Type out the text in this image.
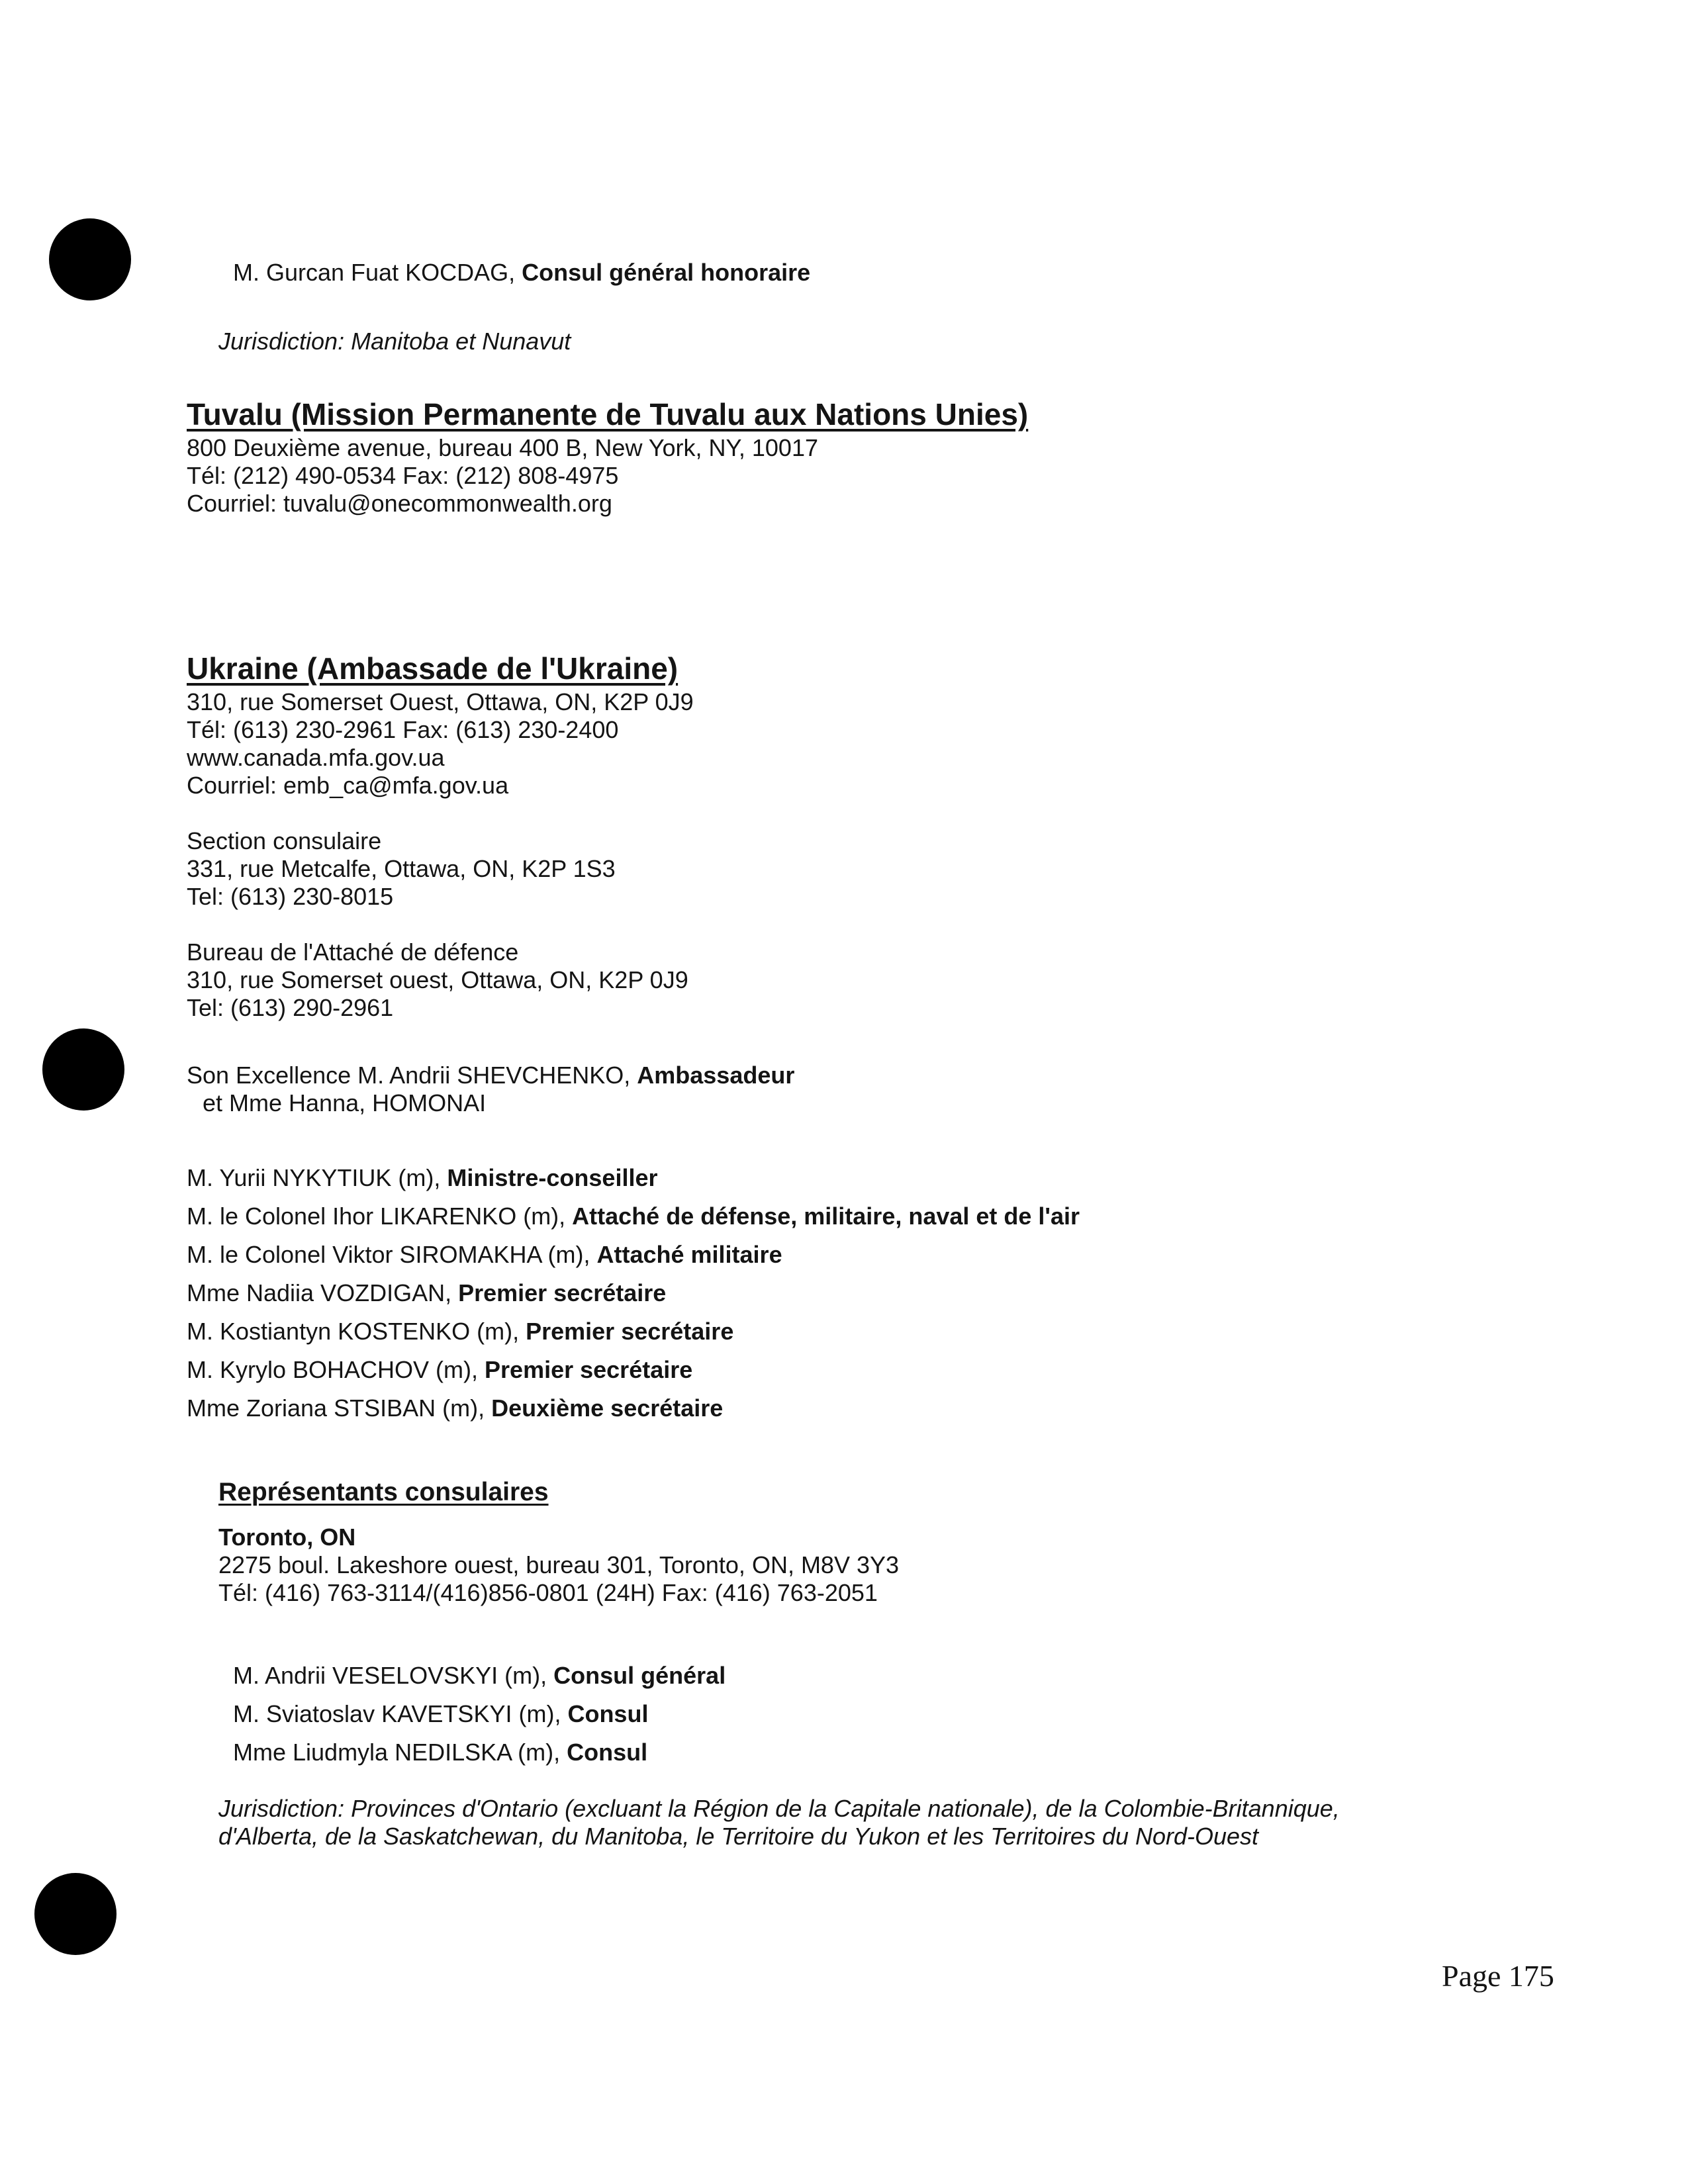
M. Gurcan Fuat KOCDAG, Consul général honoraire
Jurisdiction: Manitoba et Nunavut
Tuvalu (Mission Permanente de Tuvalu aux Nations Unies)
800 Deuxième avenue, bureau 400 B, New York, NY, 10017
Tél: (212) 490-0534 Fax: (212) 808-4975
Courriel: tuvalu@onecommonwealth.org
Ukraine (Ambassade de l'Ukraine)
310, rue Somerset Ouest, Ottawa, ON, K2P 0J9
Tél: (613) 230-2961 Fax: (613) 230-2400
www.canada.mfa.gov.ua
Courriel: emb_ca@mfa.gov.ua
Section consulaire
331, rue Metcalfe, Ottawa, ON, K2P 1S3
Tel: (613) 230-8015
Bureau de l'Attaché de défence
310, rue Somerset ouest, Ottawa, ON, K2P 0J9
Tel: (613) 290-2961
Son Excellence M. Andrii SHEVCHENKO, Ambassadeur
et Mme Hanna, HOMONAI
M. Yurii NYKYTIUK (m), Ministre-conseiller
M. le Colonel Ihor LIKARENKO (m), Attaché de défense, militaire, naval et de l'air
M. le Colonel Viktor SIROMAKHA (m), Attaché militaire
Mme Nadiia VOZDIGAN, Premier secrétaire
M. Kostiantyn KOSTENKO (m), Premier secrétaire
M. Kyrylo BOHACHOV (m), Premier secrétaire
Mme Zoriana STSIBAN (m), Deuxième secrétaire
Représentants consulaires
Toronto, ON
2275 boul. Lakeshore ouest, bureau 301, Toronto, ON, M8V 3Y3
Tél: (416) 763-3114/(416)856-0801 (24H) Fax: (416) 763-2051
M. Andrii VESELOVSKYI (m), Consul général
M. Sviatoslav KAVETSKYI (m), Consul
Mme Liudmyla NEDILSKA (m), Consul
Jurisdiction: Provinces d'Ontario (excluant la Région de la Capitale nationale), de la Colombie-Britannique,
d'Alberta, de la Saskatchewan, du Manitoba, le Territoire du Yukon et les Territoires du Nord-Ouest
Page 175
